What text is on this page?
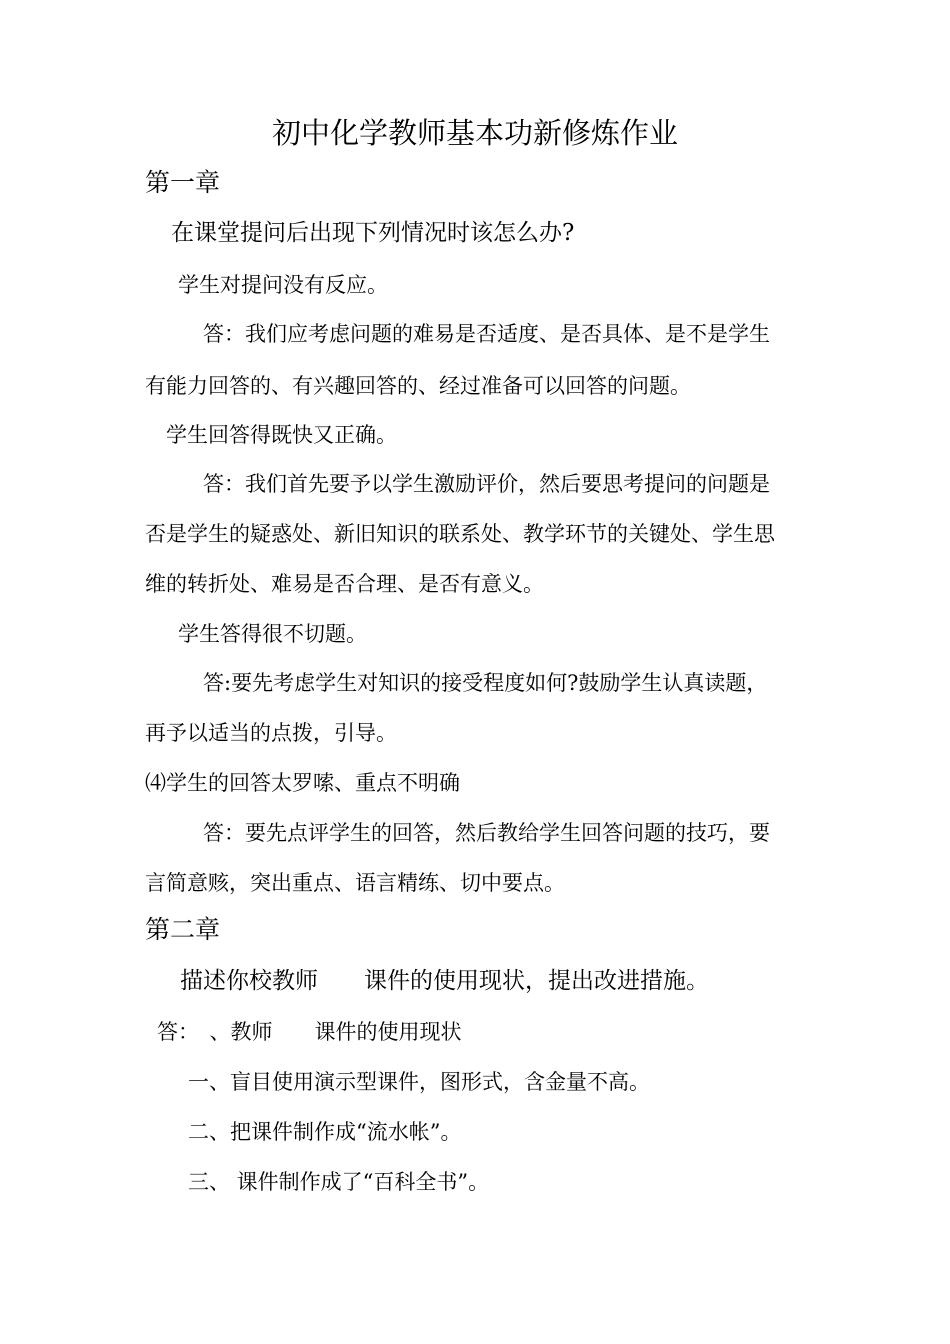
初中化学教师基本功新修炼作业
第一章
在课堂提问后出现下列情况时该怎么办?
学生对提问没有反应。
答：我们应考虑问题的难易是否适度、是否具体、是不是学生
有能力回答的、有兴趣回答的、经过准备可以回答的问题。
学生回答得既快又正确。
答：我们首先要予以学生激励评价，然后要思考提问的问题是
否是学生的疑惑处、新旧知识的联系处、教学环节的关键处、学生思
维的转折处、难易是否合理、是否有意义。
学生答得很不切题。
答:要先考虑学生对知识的接受程度如何?鼓励学生认真读题，
再予以适当的点拨，引导。
⑷学生的回答太罗嗦、重点不明确
答：要先点评学生的回答，然后教给学生回答问题的技巧，要
言简意赅，突出重点、语言精练、切中要点。
第二章
描述你校教师　　课件的使用现状，提出改进措施。
答：　、教师　　课件的使用现状
一、盲目使用演示型课件，图形式，含金量不高。
二、把课件制作成“流水帐”。
三、 课件制作成了“百科全书”。
